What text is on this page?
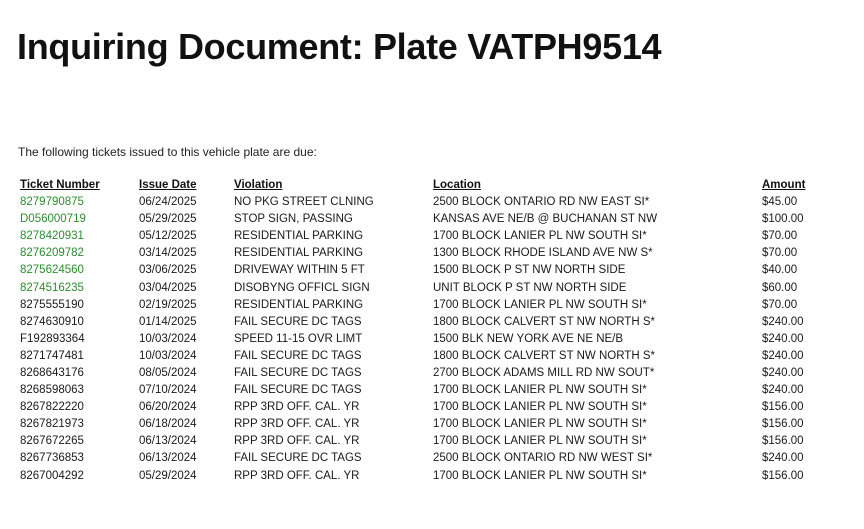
Inquiring Document: Plate VATPH9514
The following tickets issued to this vehicle plate are due:
Ticket Number	Issue Date	Violation	Location	Amount
8279790875	06/24/2025	NO PKG STREET CLNING	2500 BLOCK ONTARIO RD NW EAST SI*	$45.00
D056000719	05/29/2025	STOP SIGN, PASSING	KANSAS AVE NE/B @ BUCHANAN ST NW	$100.00
8278420931	05/12/2025	RESIDENTIAL PARKING	1700 BLOCK LANIER PL NW SOUTH SI*	$70.00
8276209782	03/14/2025	RESIDENTIAL PARKING	1300 BLOCK RHODE ISLAND AVE NW S*	$70.00
8275624560	03/06/2025	DRIVEWAY WITHIN 5 FT	1500 BLOCK P ST NW NORTH SIDE	$40.00
8274516235	03/04/2025	DISOBYNG OFFICL SIGN	UNIT BLOCK P ST NW NORTH SIDE	$60.00
8275555190	02/19/2025	RESIDENTIAL PARKING	1700 BLOCK LANIER PL NW SOUTH SI*	$70.00
8274630910	01/14/2025	FAIL SECURE DC TAGS	1800 BLOCK CALVERT ST NW NORTH S*	$240.00
F192893364	10/03/2024	SPEED 11-15 OVR LIMT	1500 BLK NEW YORK AVE NE NE/B	$240.00
8271747481	10/03/2024	FAIL SECURE DC TAGS	1800 BLOCK CALVERT ST NW NORTH S*	$240.00
8268643176	08/05/2024	FAIL SECURE DC TAGS	2700 BLOCK ADAMS MILL RD NW SOUT*	$240.00
8268598063	07/10/2024	FAIL SECURE DC TAGS	1700 BLOCK LANIER PL NW SOUTH SI*	$240.00
8267822220	06/20/2024	RPP 3RD OFF. CAL. YR	1700 BLOCK LANIER PL NW SOUTH SI*	$156.00
8267821973	06/18/2024	RPP 3RD OFF. CAL. YR	1700 BLOCK LANIER PL NW SOUTH SI*	$156.00
8267672265	06/13/2024	RPP 3RD OFF. CAL. YR	1700 BLOCK LANIER PL NW SOUTH SI*	$156.00
8267736853	06/13/2024	FAIL SECURE DC TAGS	2500 BLOCK ONTARIO RD NW WEST SI*	$240.00
8267004292	05/29/2024	RPP 3RD OFF. CAL. YR	1700 BLOCK LANIER PL NW SOUTH SI*	$156.00
